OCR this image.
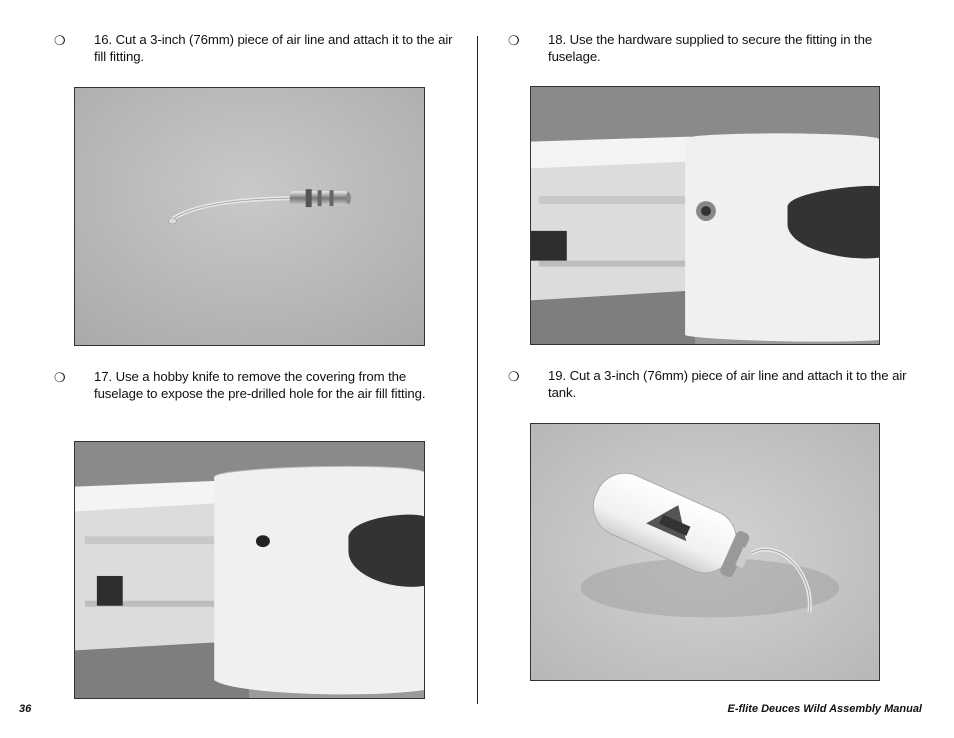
❍ 16. Cut a 3-inch (76mm) piece of air line and attach it to the air fill fitting.
❍ 17. Use a hobby knife to remove the covering from the fuselage to expose the pre-drilled hole for the air fill fitting.
❍ 18. Use the hardware supplied to secure the fitting in the fuselage.
❍ 19. Cut a 3-inch (76mm) piece of air line and attach it to the air tank.
36	E-flite Deuces Wild Assembly Manual
